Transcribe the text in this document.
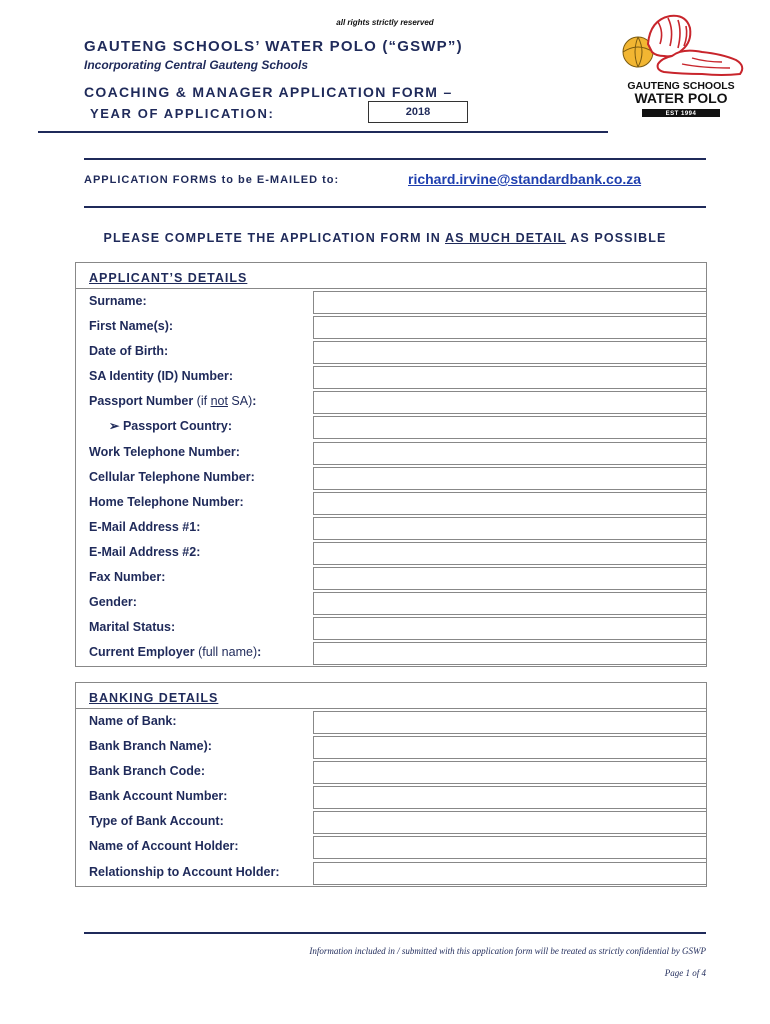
all rights strictly reserved
GAUTENG SCHOOLS’ WATER POLO (“GSWP”)
Incorporating Central Gauteng Schools
COACHING & MANAGER APPLICATION FORM –
YEAR OF APPLICATION:	2018
GAUTENG SCHOOLS
WATER POLO
EST 1994
APPLICATION FORMS to be E-MAILED to:	richard.irvine@standardbank.co.za
PLEASE COMPLETE THE APPLICATION FORM IN AS MUCH DETAIL AS POSSIBLE
APPLICANT’S DETAILS
Surname:
First Name(s):
Date of Birth:
SA Identity (ID) Number:
Passport Number (if not SA):
➢ Passport Country:
Work Telephone Number:
Cellular Telephone Number:
Home Telephone Number:
E-Mail Address #1:
E-Mail Address #2:
Fax Number:
Gender:
Marital Status:
Current Employer (full name):
BANKING DETAILS
Name of Bank:
Bank Branch Name):
Bank Branch Code:
Bank Account Number:
Type of Bank Account:
Name of Account Holder:
Relationship to Account Holder:
Information included in / submitted with this application form will be treated as strictly confidential by GSWP
Page 1 of 4
